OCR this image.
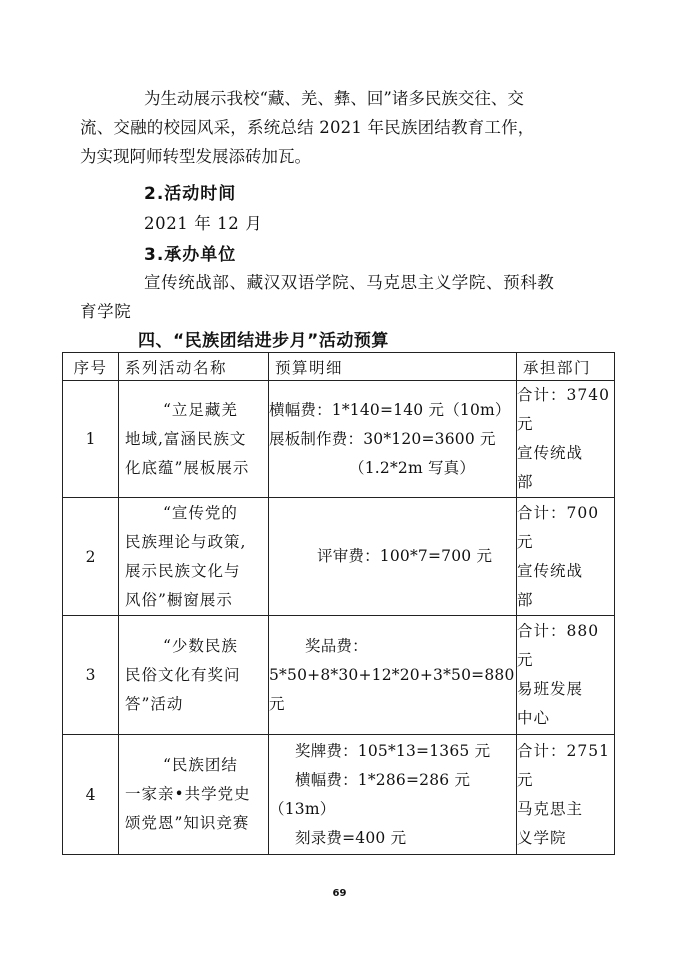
为生动展示我校“藏、羌、彝、回”诸多民族交往、交
流、交融的校园风采，系统总结 2021 年民族团结教育工作，
为实现阿师转型发展添砖加瓦。
2.活动时间
2021 年 12 月
3.承办单位
宣传统战部、藏汉双语学院、马克思主义学院、预科教
育学院
四、“民族团结进步月”活动预算
序号	系列活动名称	预算明细	承担部门
1	“立足藏羌
地域,富涵民族文
化底蕴”展板展示	横幅费：1*140=140 元（10m）
展板制作费：30*120=3600 元
（1.2*2m 写真）	合计：3740
元
宣传统战
部

2	“宣传党的
民族理论与政策,
展示民族文化与
风俗”橱窗展示	评审费：100*7=700 元	合计：700
元
宣传统战
部

3	“少数民族
民俗文化有奖问
答”活动	奖品费：
5*50+8*30+12*20+3*50=880
元	合计：880
元
易班发展
中心

4	“民族团结
一家亲•共学党史
颂党恩”知识竞赛	奖牌费：105*13=1365 元
横幅费：1*286=286 元
（13m）
刻录费=400 元	合计：2751
元
马克思主
义学院
69
